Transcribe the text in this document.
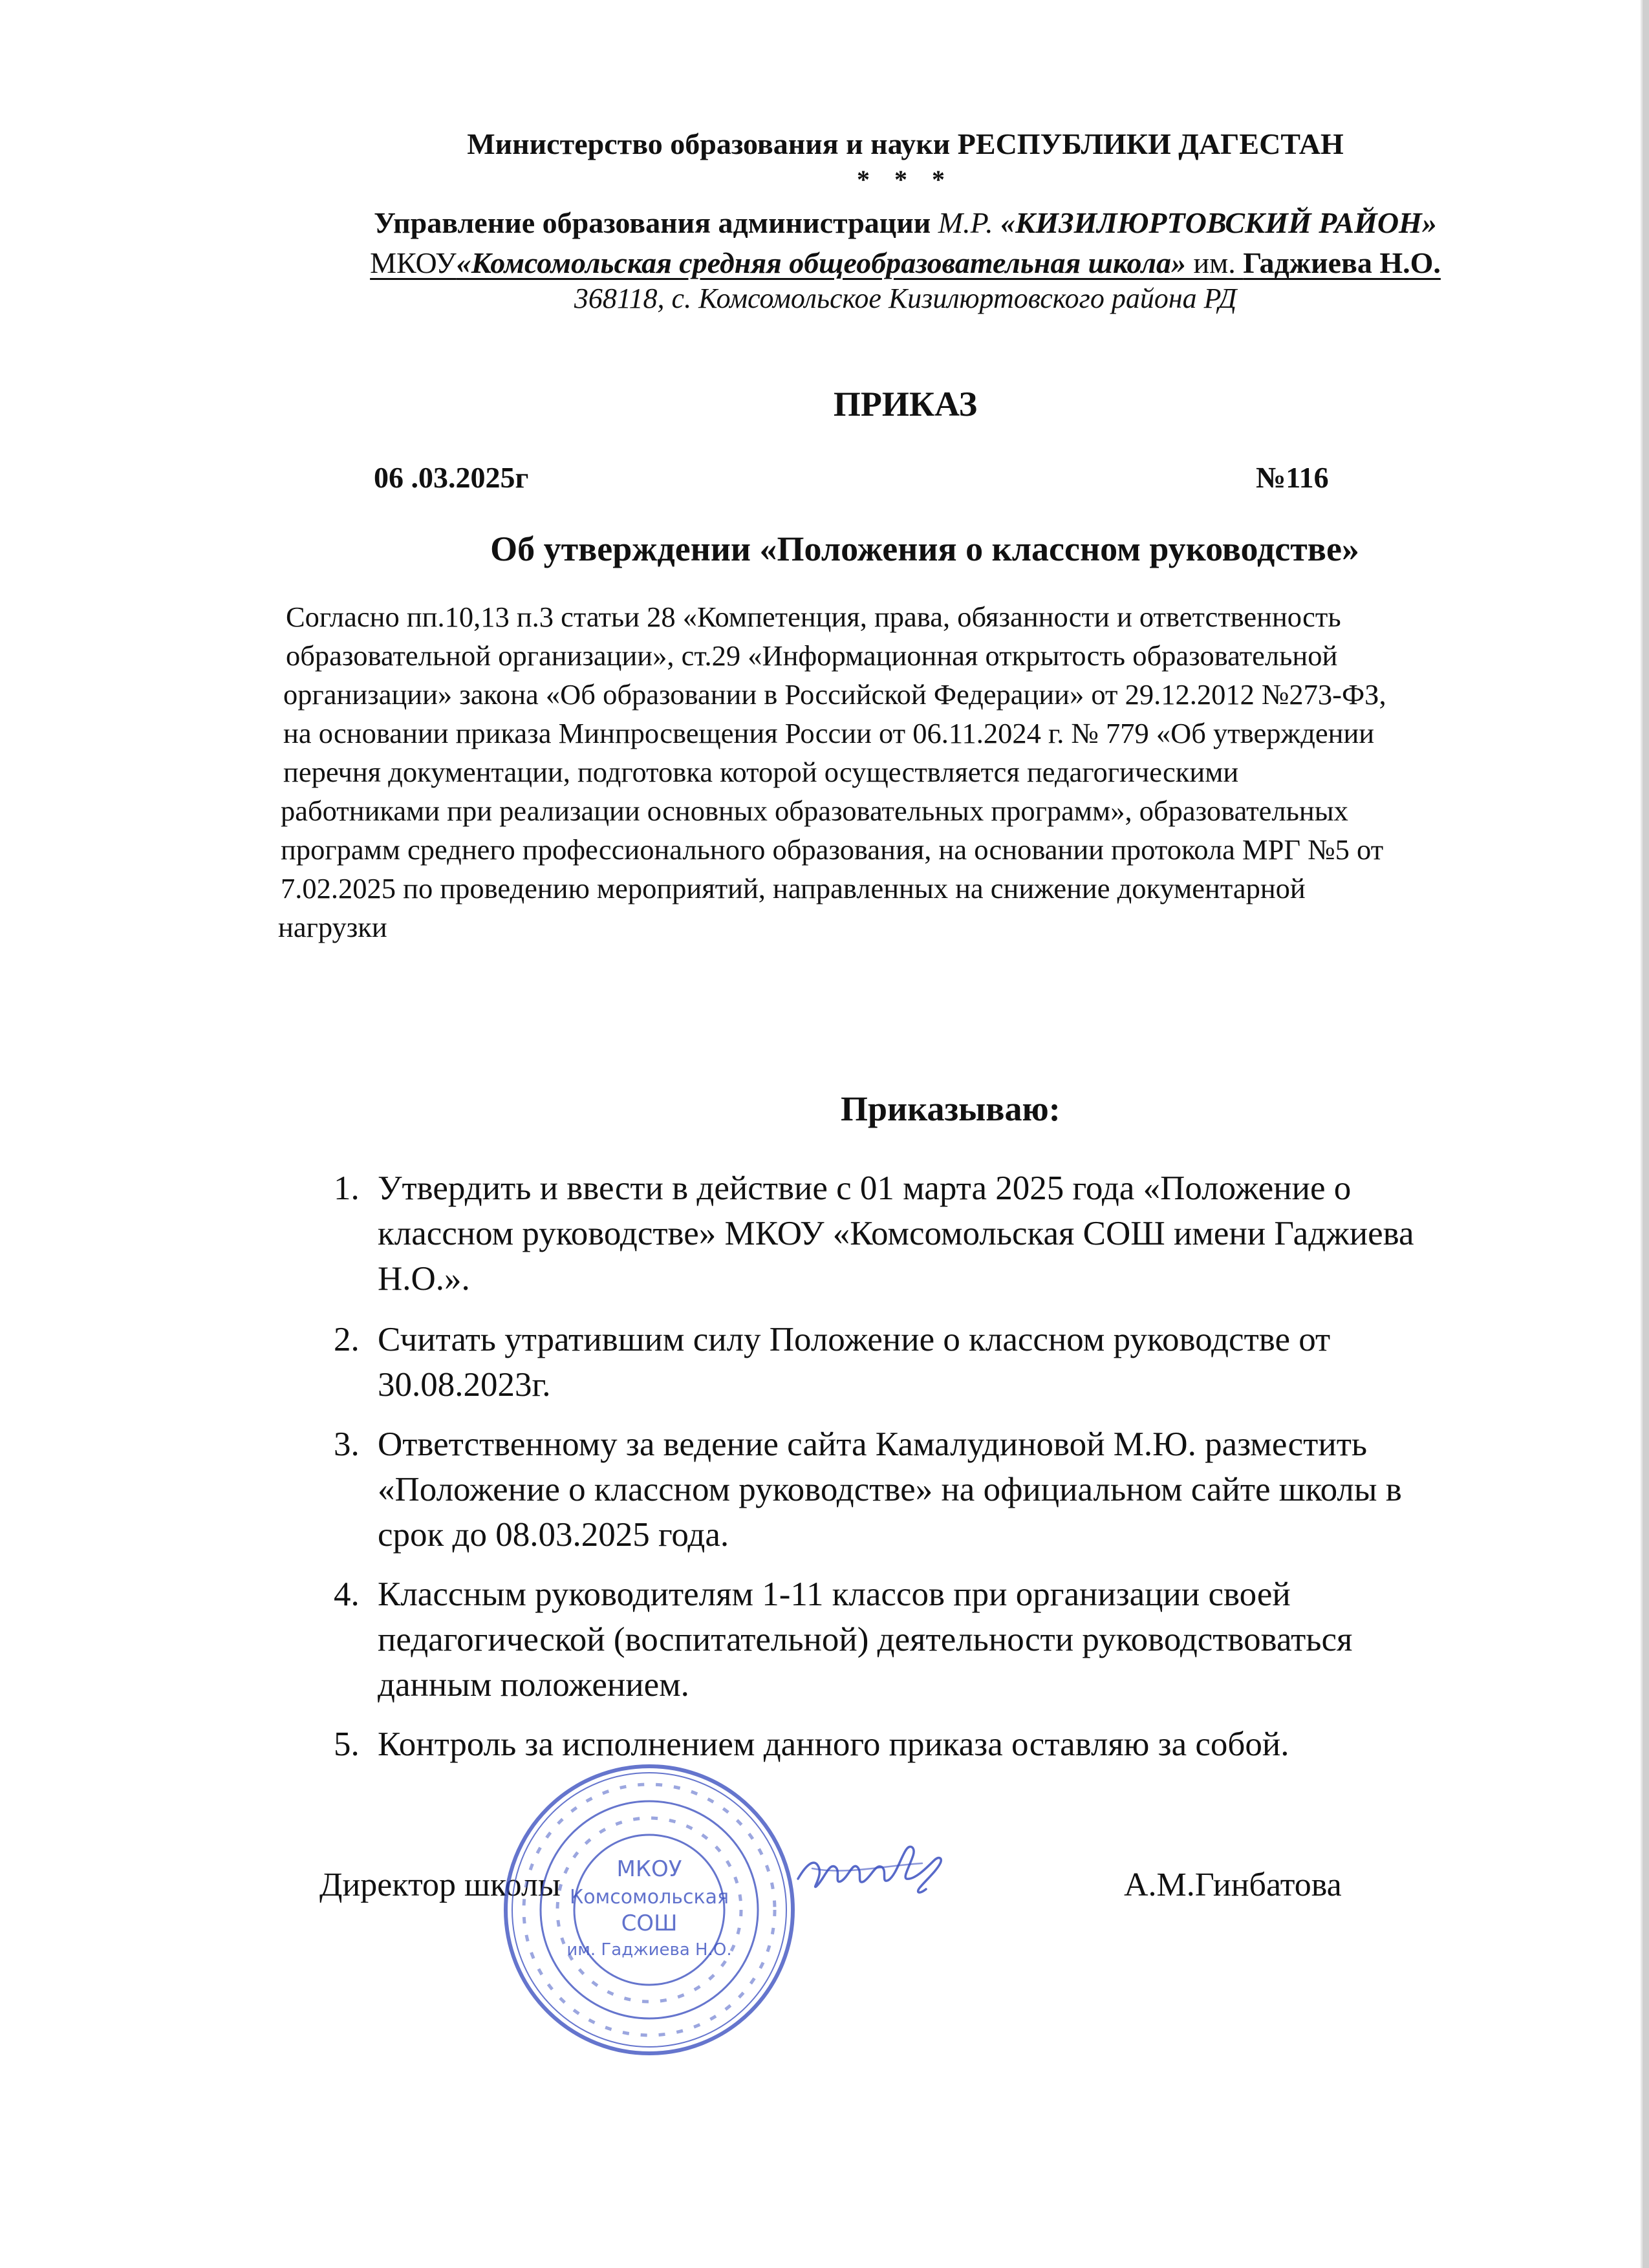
Министерство образования и науки РЕСПУБЛИКИ ДАГЕСТАН
* * *
Управление образования администрации М.Р. «КИЗИЛЮРТОВСКИЙ РАЙОН»
МКОУ«Комсомольская средняя общеобразовательная школа» им. Гаджиева Н.О.
368118, с. Комсомольское Кизилюртовского района РД
ПРИКАЗ
06 .03.2025г	№116
Об утверждении «Положения о классном руководстве»
Согласно пп.10,13 п.3 статьи 28 «Компетенция, права, обязанности и ответственность
образовательной организации», ст.29 «Информационная открытость образовательной
организации» закона «Об образовании в Российской Федерации» от 29.12.2012 №273-ФЗ,
на основании приказа Минпросвещения России от 06.11.2024 г. № 779 «Об утверждении
перечня документации, подготовка которой осуществляется педагогическими
работниками при реализации основных образовательных программ», образовательных
программ среднего профессионального образования, на основании протокола МРГ №5 от
7.02.2025 по проведению мероприятий, направленных на снижение документарной
нагрузки
Приказываю:
1. Утвердить и ввести в действие с 01 марта 2025 года «Положение о
классном руководстве» МКОУ «Комсомольская СОШ имени Гаджиева
Н.О.».
2. Считать утратившим силу Положение о классном руководстве от
30.08.2023г.
3. Ответственному за ведение сайта Камалудиновой М.Ю. разместить
«Положение о классном руководстве» на официальном сайте школы в
срок до 08.03.2025 года.
4. Классным руководителям 1-11 классов при организации своей
педагогической (воспитательной) деятельности руководствоваться
данным положением.
5. Контроль за исполнением данного приказа оставляю за собой.
Директор школы	А.М.Гинбатова
МКОУ
Комсомольская
СОШ
им. Гаджиева Н.О.
